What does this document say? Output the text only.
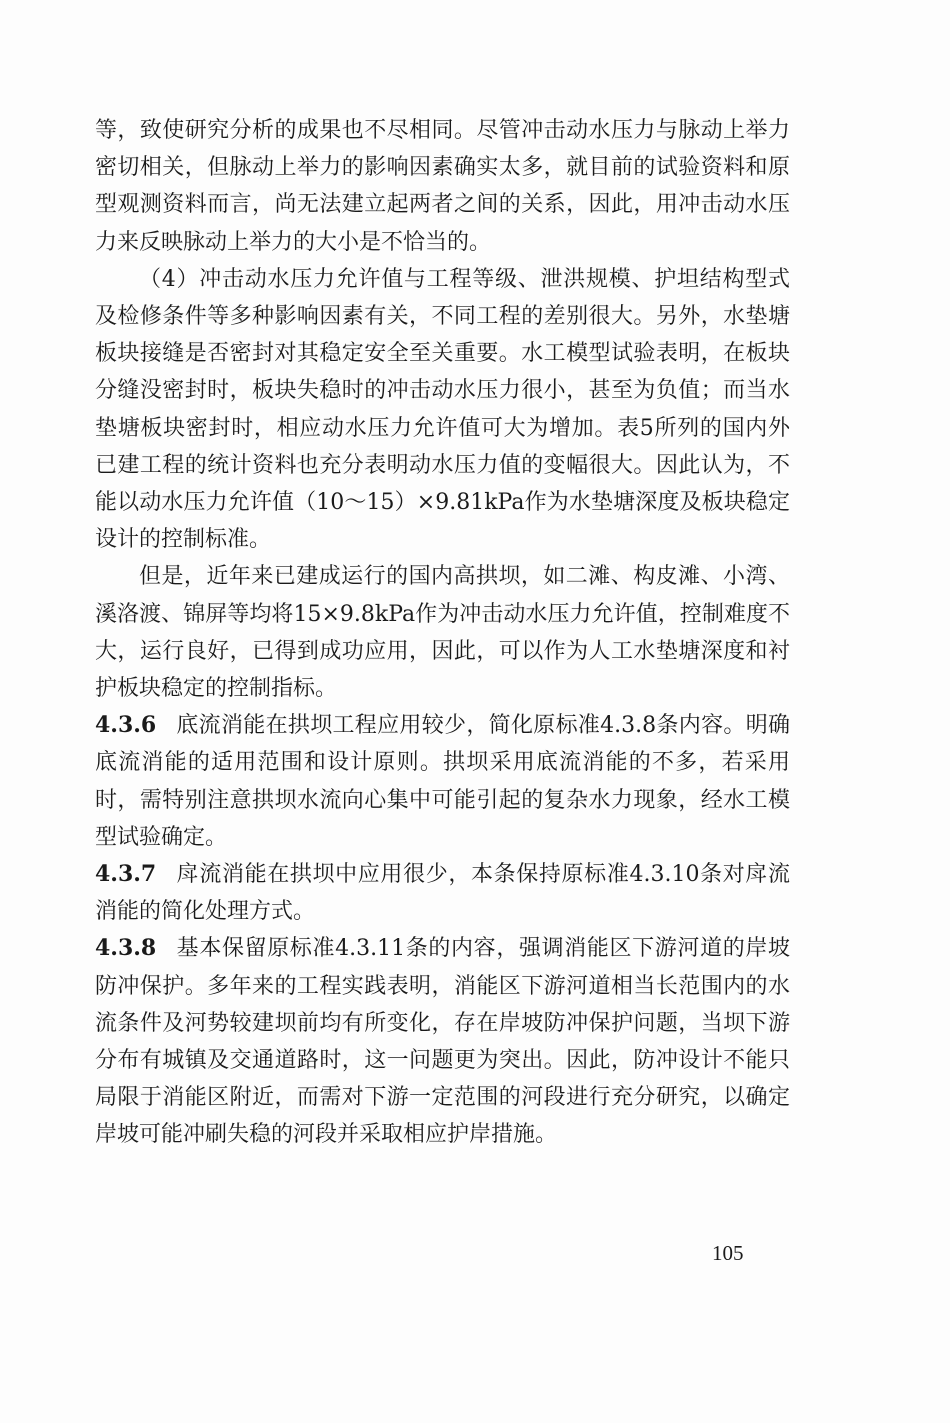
等，致使研究分析的成果也不尽相同。尽管冲击动水压力与脉动上举力密切相关，但脉动上举力的影响因素确实太多，就目前的试验资料和原型观测资料而言，尚无法建立起两者之间的关系，因此，用冲击动水压力来反映脉动上举力的大小是不恰当的。

（4）冲击动水压力允许值与工程等级、泄洪规模、护坦结构型式及检修条件等多种影响因素有关，不同工程的差别很大。另外，水垫塘板块接缝是否密封对其稳定安全至关重要。水工模型试验表明，在板块分缝没密封时，板块失稳时的冲击动水压力很小，甚至为负值；而当水垫塘板块密封时，相应动水压力允许值可大为增加。表5所列的国内外已建工程的统计资料也充分表明动水压力值的变幅很大。因此认为，不能以动水压力允许值（10～15）×9.81kPa作为水垫塘深度及板块稳定设计的控制标准。

但是，近年来已建成运行的国内高拱坝，如二滩、构皮滩、小湾、溪洛渡、锦屏等均将15×9.8kPa作为冲击动水压力允许值，控制难度不大，运行良好，已得到成功应用，因此，可以作为人工水垫塘深度和衬护板块稳定的控制指标。

4.3.6 底流消能在拱坝工程应用较少，简化原标准4.3.8条内容。明确底流消能的适用范围和设计原则。拱坝采用底流消能的不多，若采用时，需特别注意拱坝水流向心集中可能引起的复杂水力现象，经水工模型试验确定。

4.3.7 戽流消能在拱坝中应用很少，本条保持原标准4.3.10条对戽流消能的简化处理方式。

4.3.8 基本保留原标准4.3.11条的内容，强调消能区下游河道的岸坡防冲保护。多年来的工程实践表明，消能区下游河道相当长范围内的水流条件及河势较建坝前均有所变化，存在岸坡防冲保护问题，当坝下游分布有城镇及交通道路时，这一问题更为突出。因此，防冲设计不能只局限于消能区附近，而需对下游一定范围的河段进行充分研究，以确定岸坡可能冲刷失稳的河段并采取相应护岸措施。

105
